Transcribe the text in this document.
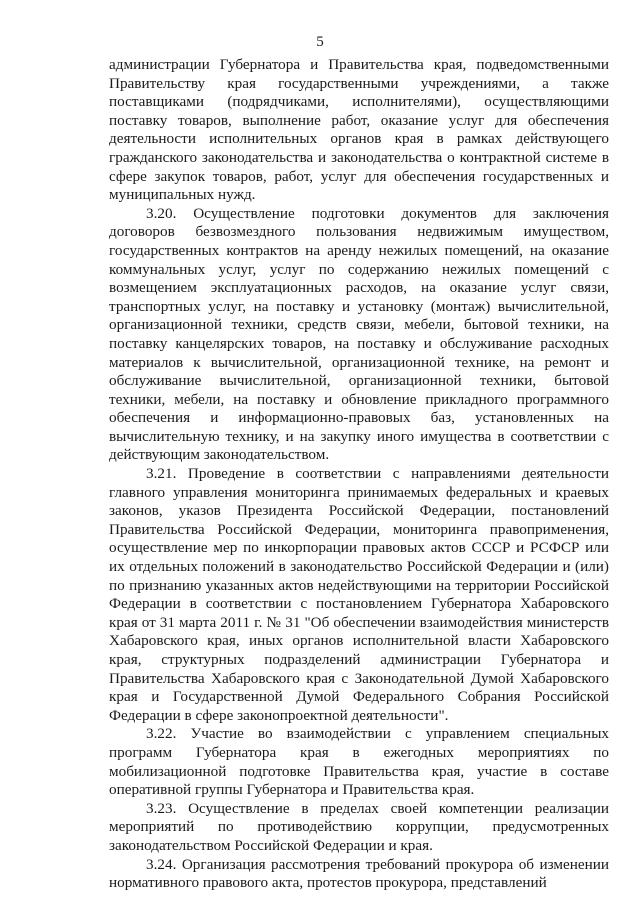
5

администрации Губернатора и Правительства края, подведомственными Правительству края государственными учреждениями, а также поставщиками (подрядчиками, исполнителями), осуществляющими поставку товаров, выполнение работ, оказание услуг для обеспечения деятельности исполнительных органов края в рамках действующего гражданского законодательства и законодательства о контрактной системе в сфере закупок товаров, работ, услуг для обеспечения государственных и муниципальных нужд.

3.20. Осуществление подготовки документов для заключения договоров безвозмездного пользования недвижимым имуществом, государственных контрактов на аренду нежилых помещений, на оказание коммунальных услуг, услуг по содержанию нежилых помещений с возмещением эксплуатационных расходов, на оказание услуг связи, транспортных услуг, на поставку и установку (монтаж) вычислительной, организационной техники, средств связи, мебели, бытовой техники, на поставку канцелярских товаров, на поставку и обслуживание расходных материалов к вычислительной, организационной технике, на ремонт и обслуживание вычислительной, организационной техники, бытовой техники, мебели, на поставку и обновление прикладного программного обеспечения и информационно-правовых баз, установленных на вычислительную технику, и на закупку иного имущества в соответствии с действующим законодательством.

3.21. Проведение в соответствии с направлениями деятельности главного управления мониторинга принимаемых федеральных и краевых законов, указов Президента Российской Федерации, постановлений Правительства Российской Федерации, мониторинга правоприменения, осуществление мер по инкорпорации правовых актов СССР и РСФСР или их отдельных положений в законодательство Российской Федерации и (или) по признанию указанных актов недействующими на территории Российской Федерации в соответствии с постановлением Губернатора Хабаровского края от 31 марта 2011 г. № 31 "Об обеспечении взаимодействия министерств Хабаровского края, иных органов исполнительной власти Хабаровского края, структурных подразделений администрации Губернатора и Правительства Хабаровского края с Законодательной Думой Хабаровского края и Государственной Думой Федерального Собрания Российской Федерации в сфере законопроектной деятельности".

3.22. Участие во взаимодействии с управлением специальных программ Губернатора края в ежегодных мероприятиях по мобилизационной подготовке Правительства края, участие в составе оперативной группы Губернатора и Правительства края.

3.23. Осуществление в пределах своей компетенции реализации мероприятий по противодействию коррупции, предусмотренных законодательством Российской Федерации и края.

3.24. Организация рассмотрения требований прокурора об изменении нормативного правового акта, протестов прокурора, представлений
